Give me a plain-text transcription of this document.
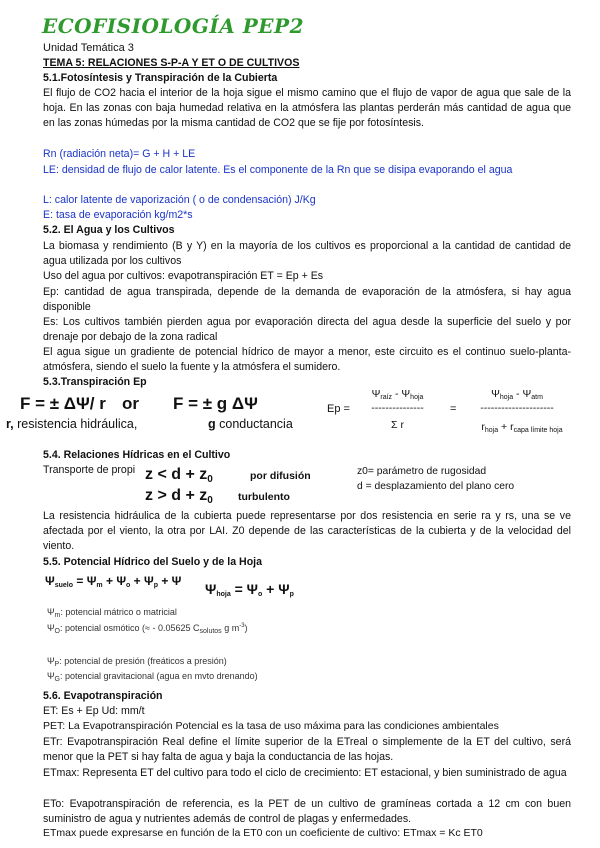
ECOFISIOLOGÍA PEP2
Unidad Temática 3
TEMA 5: RELACIONES S-P-A Y ET O DE CULTIVOS
5.1.Fotosíntesis y Transpiración de la Cubierta

El flujo de CO2 hacia el interior de la hoja sigue el mismo camino que el flujo de vapor de agua que sale de la hoja. En las zonas con baja humedad relativa en la atmósfera las plantas perderán más cantidad de agua que en las zonas húmedas por la misma cantidad de CO2 que se fije por fotosíntesis.

Rn (radiación neta)= G + H + LE

LE: densidad de flujo de calor latente. Es el componente de la Rn que se disipa evaporando el agua

L: calor latente de vaporización ( o de condensación) J/Kg
E: tasa de evaporación kg/m2*s
5.2. El Agua y los Cultivos

La biomasa y rendimiento (B y Y) en la mayoría de los cultivos es proporcional a la cantidad de cantidad de agua utilizada por los cultivos

Uso del agua por cultivos: evapotranspiración ET = Ep + Es

Ep: cantidad de agua transpirada, depende de la demanda de evaporación de la atmósfera, si hay agua disponible

Es: Los cultivos también pierden agua por evaporación directa del agua desde la superficie del suelo y por drenaje por debajo de la zona radical

El agua sigue un gradiente de potencial hídrico de mayor a menor, este circuito es el continuo suelo-planta-atmósfera, siendo el suelo la fuente y la atmósfera el sumidero.

5.3.Transpiración Ep
F = ± ΔΨ/ r or F = ± g ΔΨ
r, resistencia hidráulica,	g conductancia
Ep =
$\Psi_{raíz} - \Psi_{hoja}$
---------------
Σ r
=
$\Psi_{hoja} - \Psi_{atm}$
---------------------
$r_{hoja} + r_{capa límite hoja}$
5.4. Relaciones Hídricas en el Cultivo
Transporte de propi z < d + z0	por difusión
z > d + z0 turbulento
z0= parámetro de rugosidad
d = desplazamiento del plano cero

La resistencia hidráulica de la cubierta puede representarse por dos resistencia en serie ra y rs, una se ve afectada por el viento, la otra por LAI. Z0 depende de las características de la cubierta y de la velocidad del viento.

5.5. Potencial Hídrico del Suelo y de la Hoja
$\Psi_{suelo} = \Psi_m + \Psi_o + \Psi_p + \Psi$ $\Psi_{hoja} = \Psi_o + \Psi_p$
$\Psi_m$: potencial mátrico o matricial
$\Psi_O$: potencial osmótico (≈ - 0.05625 $C_{solutos}$ g $m^{-3}$)
$\Psi_P$: potencial de presión (freáticos a presión)
$\Psi_G$: potencial gravitacional (agua en mvto drenando)
5.6. Evapotranspiración
ET: Es + Ep Ud: mm/t
PET: La Evapotranspiración Potencial es la tasa de uso máxima para las condiciones ambientales

ETr: Evapotranspiración Real define el límite superior de la ETreal o simplemente de la ET del cultivo, será menor que la PET si hay falta de agua y baja la conductancia de las hojas.

ETmax: Representa ET del cultivo para todo el ciclo de crecimiento: ET estacional, y bien suministrado de agua

ETo: Evapotranspiración de referencia, es la PET de un cultivo de gramíneas cortada a 12 cm con buen suministro de agua y nutrientes además de control de plagas y enfermedades.

ETmax puede expresarse en función de la ET0 con un coeficiente de cultivo: ETmax = Kc ET0
